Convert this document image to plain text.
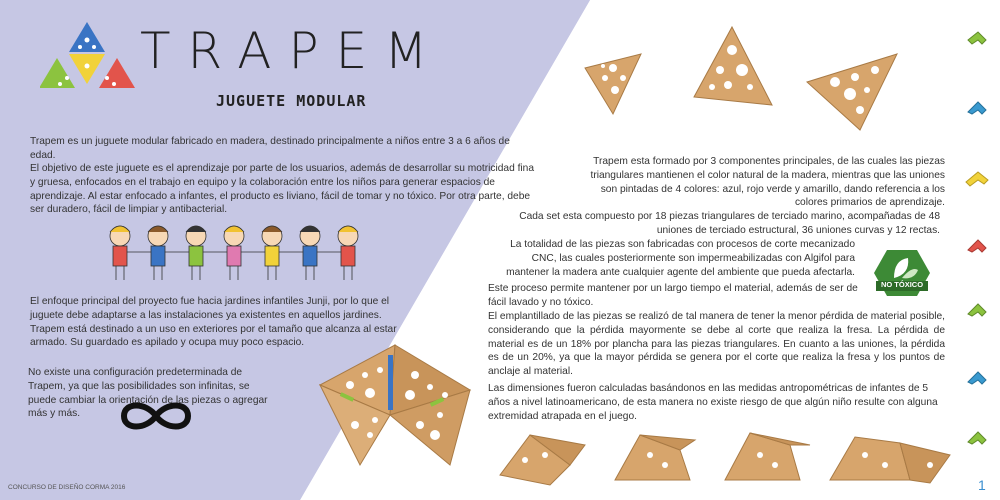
TRAPEM
JUGUETE MODULAR
Trapem es un juguete modular fabricado en madera, destinado principalmente a niños entre 3 a 6 años de edad.
El objetivo de este juguete es el aprendizaje por parte de los usuarios, además de desarrollar su motricidad fina y gruesa, enfocados en el trabajo en equipo y la colaboración entre los niños para generar espacios de aprendizaje. Al estar enfocado a infantes, el producto es liviano, fácil de tomar y no tóxico. Por otra parte, debe ser duradero, fácil de limpiar y antibacterial.
El enfoque principal del proyecto fue hacia jardines infantiles Junji, por lo que el juguete debe adaptarse a las instalaciones ya existentes en aquellos jardines. Trapem está destinado a un uso en exteriores por el tamaño que alcanza al estar armado. Su guardado es apilado y ocupa muy poco espacio.
No existe una configuración predeterminada de Trapem, ya que las posibilidades son infinitas, se puede cambiar la orientación de las piezas o agregar más y más.
Trapem esta formado por 3 componentes principales, de las cuales las piezas triangulares mantienen el color natural de la madera, mientras que las uniones son pintadas de 4 colores: azul, rojo verde y amarillo, dando referencia a los colores primarios de aprendizaje.
Cada set esta compuesto por 18 piezas triangulares de terciado marino, acompañadas de 48 uniones de terciado estructural, 36 uniones curvas y 12 rectas.
La totalidad de las piezas son fabricadas con procesos de corte mecanizado CNC, las cuales posteriormente son impermeabilizadas con Algifol para mantener la madera ante cualquier agente del ambiente que pueda afectarla.
Este proceso permite mantener por un largo tiempo el material, además de ser de fácil lavado y no tóxico.
El emplantillado de las piezas se realizó de tal manera de tener la menor pérdida de material posible, considerando que la pérdida mayormente se debe al corte que realiza la fresa. La pérdida de material es de un 18% por plancha para las piezas triangulares. En cuanto a las uniones, la pérdida es de un 20%, ya que la mayor pérdida se genera por el corte que realiza la fresa y los puntos de anclaje al material.
Las dimensiones fueron calculadas basándonos en las medidas antropométricas de infantes de 5 años a nivel latinoamericano, de esta manera no existe riesgo de que algún niño resulte con alguna extremidad atrapada en el juego.
NO TÓXICO
CONCURSO DE DISEÑO CORMA 2016	1
